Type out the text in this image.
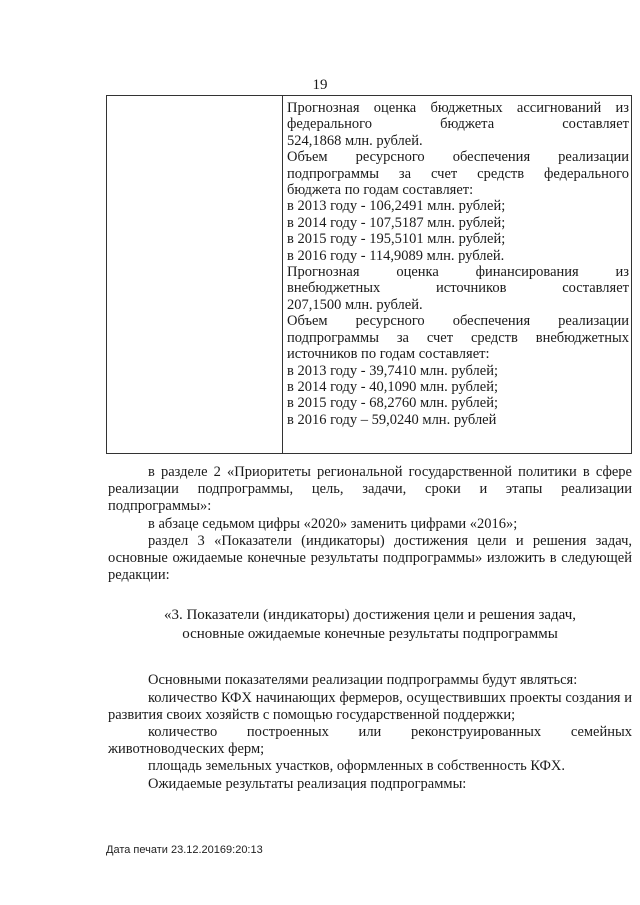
19
Прогнозная оценка бюджетных ассигнований из
федерального бюджета составляет
524,1868 млн. рублей.
Объем ресурсного обеспечения реализации
подпрограммы за счет средств федерального
бюджета по годам составляет:
в 2013 году - 106,2491 млн. рублей;
в 2014 году - 107,5187 млн. рублей;
в 2015 году - 195,5101 млн. рублей;
в 2016 году - 114,9089 млн. рублей.
Прогнозная оценка финансирования из
внебюджетных источников составляет
207,1500 млн. рублей.
Объем ресурсного обеспечения реализации
подпрограммы за счет средств внебюджетных
источников по годам составляет:
в 2013 году - 39,7410 млн. рублей;
в 2014 году - 40,1090 млн. рублей;
в 2015 году - 68,2760 млн. рублей;
в 2016 году – 59,0240 млн. рублей

в разделе 2 «Приоритеты региональной государственной политики в сфере реализации подпрограммы, цель, задачи, сроки и этапы реализации подпрограммы»:

в абзаце седьмом цифры «2020» заменить цифрами «2016»;

раздел 3 «Показатели (индикаторы) достижения цели и решения задач, основные ожидаемые конечные результаты подпрограммы» изложить в следующей редакции:

«3. Показатели (индикаторы) достижения цели и решения задач,
основные ожидаемые конечные результаты подпрограммы

Основными показателями реализации подпрограммы будут являться:

количество КФХ начинающих фермеров, осуществивших проекты создания и развития своих хозяйств с помощью государственной поддержки;

количество построенных или реконструированных семейных животноводческих ферм;

площадь земельных участков, оформленных в собственность КФХ.

Ожидаемые результаты реализация подпрограммы:

Дата печати 23.12.20169:20:13
